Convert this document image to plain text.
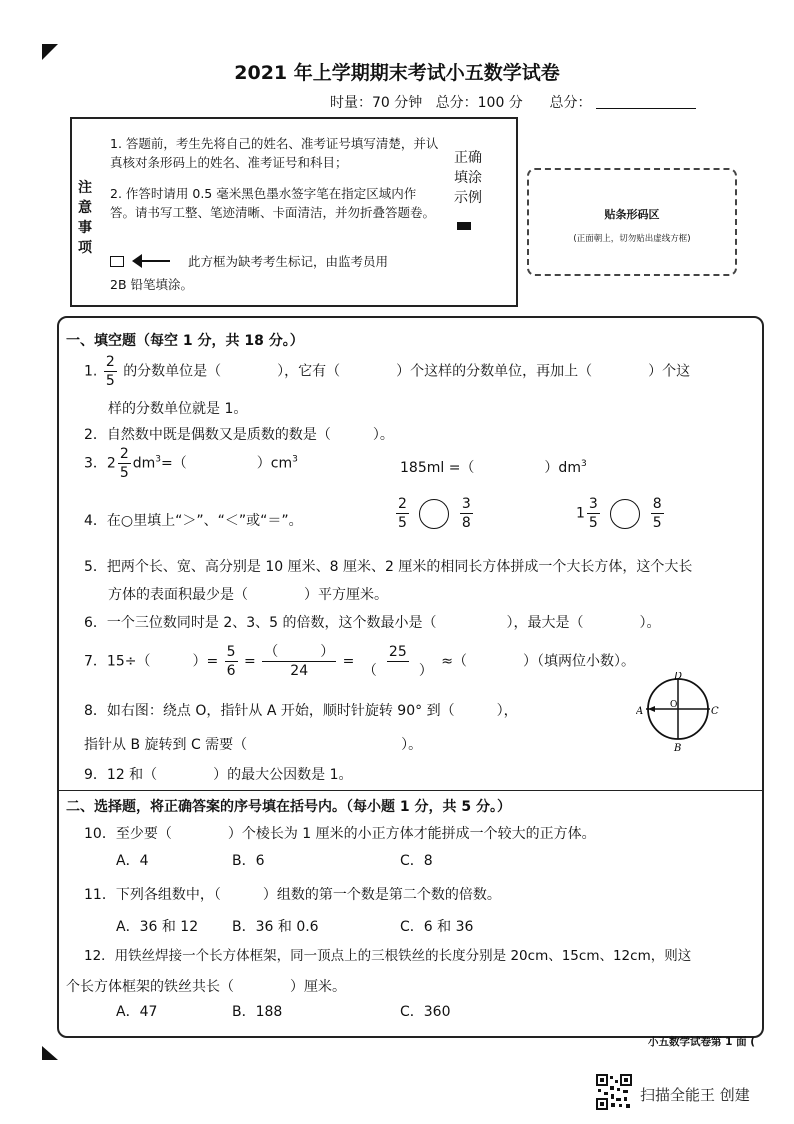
2021 年上学期期末考试小五数学试卷
时量：70 分钟 总分：100 分 总分：
注
意
事
项
1. 答题前，考生先将自己的姓名、准考证号填写清楚，并认真核对条形码上的姓名、准考证号和科目；
2. 作答时请用 0.5 毫米黑色墨水签字笔在指定区域内作答。请书写工整、笔迹清晰、卡面清洁，并勿折叠答题卷。
此方框为缺考考生标记，由监考员用
2B 铅笔填涂。
正确
填涂
示例
贴条形码区
(正面朝上，切勿贴出虚线方框)
一、填空题（每空 1 分，共 18 分。）
1. $\frac{2}{5}$ 的分数单位是（　　　　），它有（　　　　）个这样的分数单位，再加上（　　　　）个这
样的分数单位就是 1。
2．自然数中既是偶数又是质数的数是（　　　）。
3．$2 \frac{2}{5} dm^3=$（　　　　　）$cm^3$
185ml =（　　　　　）$dm^3$
4．在○里填上“＞”、“＜”或“＝”。	$\frac{2}{5}$
	$\frac{3}{8}$	$1 \frac{3}{5}$
	$\frac{8}{5}$
5．把两个长、宽、高分别是 10 厘米、8 厘米、2 厘米的相同长方体拼成一个大长方体，这个大长
方体的表面积最少是（　　　　）平方厘米。
6．一个三位数同时是 2、3、5 的倍数，这个数最小是（　　　　　），最大是（　　　　）。
7．15÷（　　　）= $\frac{5}{6} = \frac{( )}{24} = \frac{25}{( )}$ ≈（　　　　）（填两位小数）。
8．如右图：绕点 O，指针从 A 开始，顺时针旋转 90° 到（　　　），
指针从 B 旋转到 C 需要（　　　　　　　　　　　）。
A	C
D
B
O
9．12 和（　　　　）的最大公因数是 1。
二、选择题，将正确答案的序号填在括号内。（每小题 1 分，共 5 分。）
10．至少要（　　　　）个棱长为 1 厘米的小正方体才能拼成一个较大的正方体。
A．4	B．6	C．8
11．下列各组数中，（　　　）组数的第一个数是第二个数的倍数。
A．36 和 12 B．36 和 0.6	C．6 和 36
12．用铁丝焊接一个长方体框架，同一顶点上的三根铁丝的长度分别是 20cm、15cm、12cm，则这
个长方体框架的铁丝共长（　　　　）厘米。
A．47	B．188	C．360
小五数学试卷第 1 面 (
扫描全能王 创建
